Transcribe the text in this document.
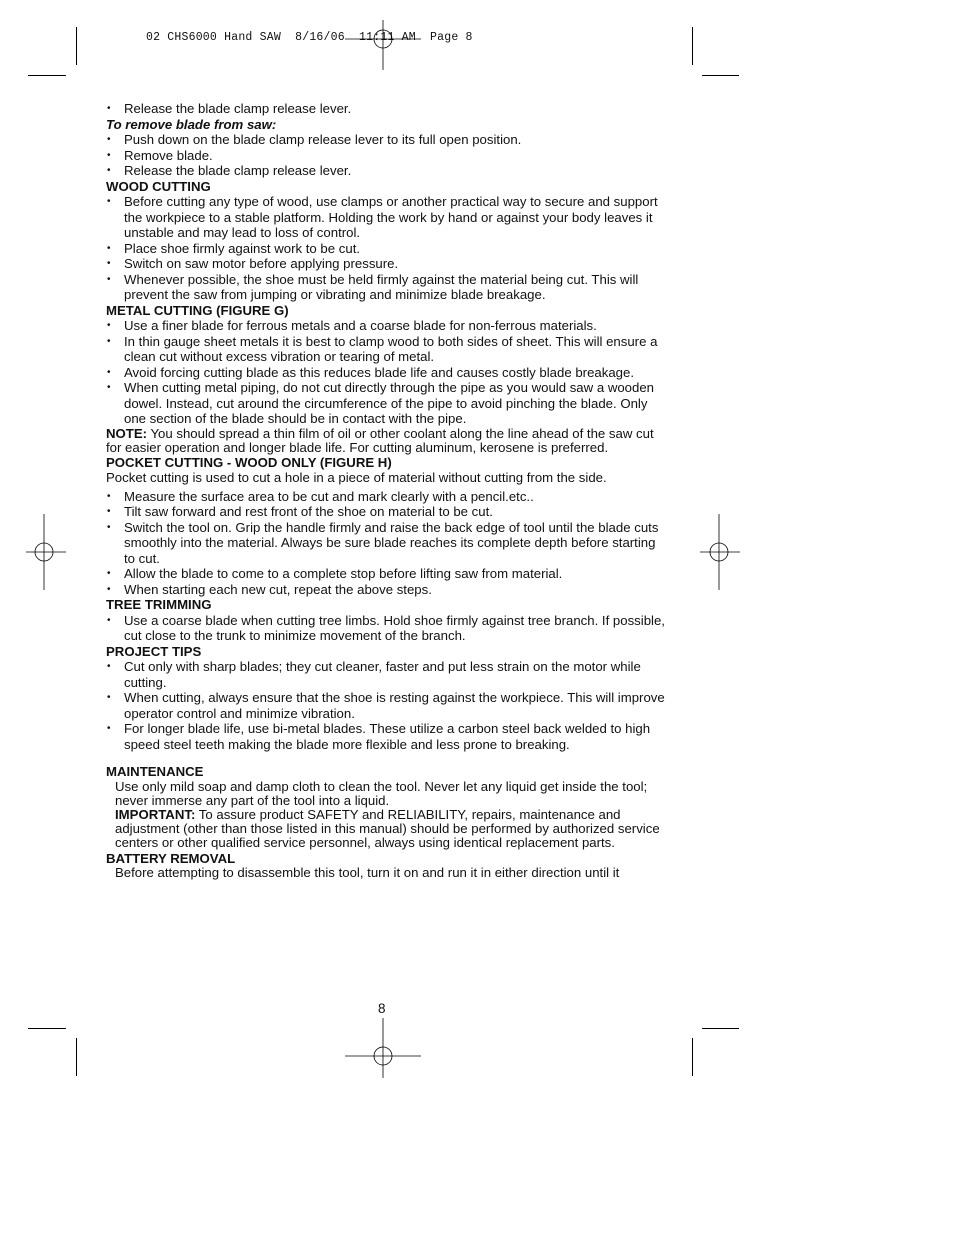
02 CHS6000 Hand SAW  8/16/06  11:11 AM  Page 8

• Release the blade clamp release lever.

To remove blade from saw:

• Push down on the blade clamp release lever to its full open position.

• Remove blade.

• Release the blade clamp release lever.

WOOD CUTTING

• Before cutting any type of wood, use clamps or another practical way to secure and support the workpiece to a stable platform. Holding the work by hand or against your body leaves it unstable and may lead to loss of control.

• Place shoe firmly against work to be cut.

• Switch on saw motor before applying pressure.

• Whenever possible, the shoe must be held firmly against the material being cut. This will prevent the saw from jumping or vibrating and minimize blade breakage.

METAL CUTTING (FIGURE G)

• Use a finer blade for ferrous metals and a coarse blade for non-ferrous materials.

• In thin gauge sheet metals it is best to clamp wood to both sides of sheet. This will ensure a clean cut without excess vibration or tearing of metal.

• Avoid forcing cutting blade as this reduces blade life and causes costly blade breakage.

• When cutting metal piping, do not cut directly through the pipe as you would saw a wooden dowel. Instead, cut around the circumference of the pipe to avoid pinching the blade. Only one section of the blade should be in contact with the pipe.

NOTE: You should spread a thin film of oil or other coolant along the line ahead of the saw cut for easier operation and longer blade life. For cutting aluminum, kerosene is preferred.

POCKET CUTTING - WOOD ONLY (FIGURE H)

Pocket cutting is used to cut a hole in a piece of material without cutting from the side.

• Measure the surface area to be cut and mark clearly with a pencil.etc..

• Tilt saw forward and rest front of the shoe on material to be cut.

• Switch the tool on. Grip the handle firmly and raise the back edge of tool until the blade cuts smoothly into the material. Always be sure blade reaches its complete depth before starting to cut.

• Allow the blade to come to a complete stop before lifting saw from material.

• When starting each new cut, repeat the above steps.

TREE TRIMMING

• Use a coarse blade when cutting tree limbs. Hold shoe firmly against tree branch. If possible, cut close to the trunk to minimize movement of the branch.

PROJECT TIPS

• Cut only with sharp blades; they cut cleaner, faster and put less strain on the motor while cutting.

• When cutting, always ensure that the shoe is resting against the workpiece. This will improve operator control and minimize vibration.

• For longer blade life, use bi-metal blades. These utilize a carbon steel back welded to high speed steel teeth making the blade more flexible and less prone to breaking.

MAINTENANCE

Use only mild soap and damp cloth to clean the tool. Never let any liquid get inside the tool; never immerse any part of the tool into a liquid.

IMPORTANT: To assure product SAFETY and RELIABILITY, repairs, maintenance and adjustment (other than those listed in this manual) should be performed by authorized service centers or other qualified service personnel, always using identical replacement parts.

BATTERY REMOVAL

Before attempting to disassemble this tool, turn it on and run it in either direction until it

8
